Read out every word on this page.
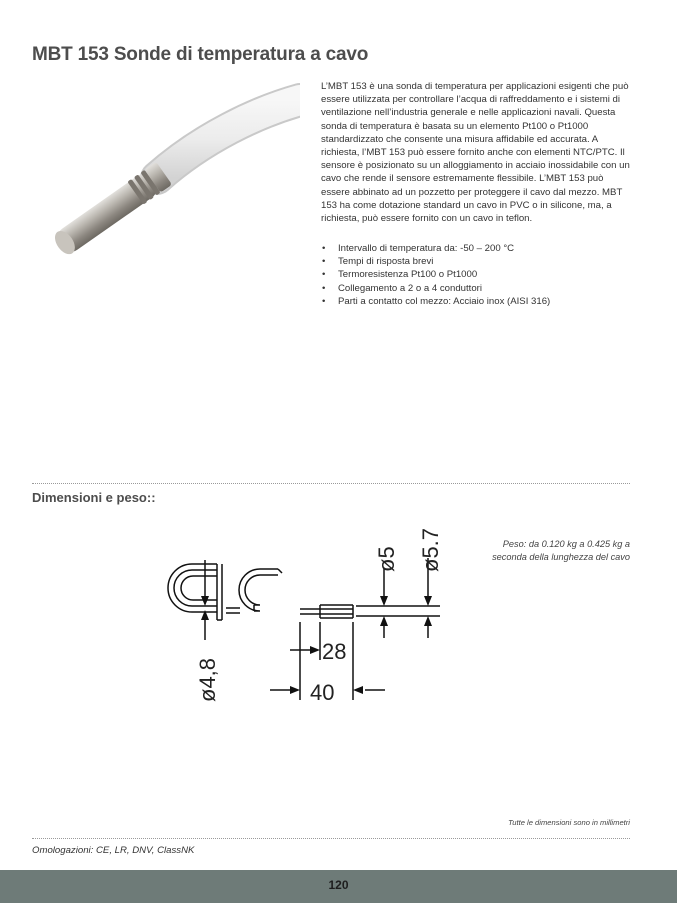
MBT 153 Sonde di temperatura a cavo

L’MBT 153 è una sonda di temperatura per applicazioni esigenti che può essere utilizzata per controllare l’acqua di raffreddamento e i sistemi di ventilazione nell’industria generale e nelle applicazioni navali. Questa sonda di temperatura è basata su un elemento Pt100 o Pt1000 standardizzato che consente una misura affidabile ed accurata. A richiesta, l’MBT 153 può essere fornito anche con elementi NTC/PTC. Il sensore è posizionato su un alloggiamento in acciaio inossidabile con un cavo che rende il sensore estremamente flessibile. L’MBT 153 può essere abbinato ad un pozzetto per proteggere il cavo dal mezzo. MBT 153 ha come dotazione standard un cavo in PVC o in silicone, ma, a richiesta, può essere fornito con un cavo in teflon.

• Intervallo di temperatura da: -50 – 200 °C
• Tempi di risposta brevi
• Termoresistenza Pt100 o Pt1000
• Collegamento a 2 o a 4 conduttori
• Parti a contatto col mezzo: Acciaio inox (AISI 316)
Dimensioni e peso::
Peso: da 0.120 kg a 0.425 kg a seconda della lunghezza del cavo
ø5 ø5.7
ø4,8
28
40
Tutte le dimensioni sono in millimetri
Omologazioni: CE, LR, DNV, ClassNK
120
